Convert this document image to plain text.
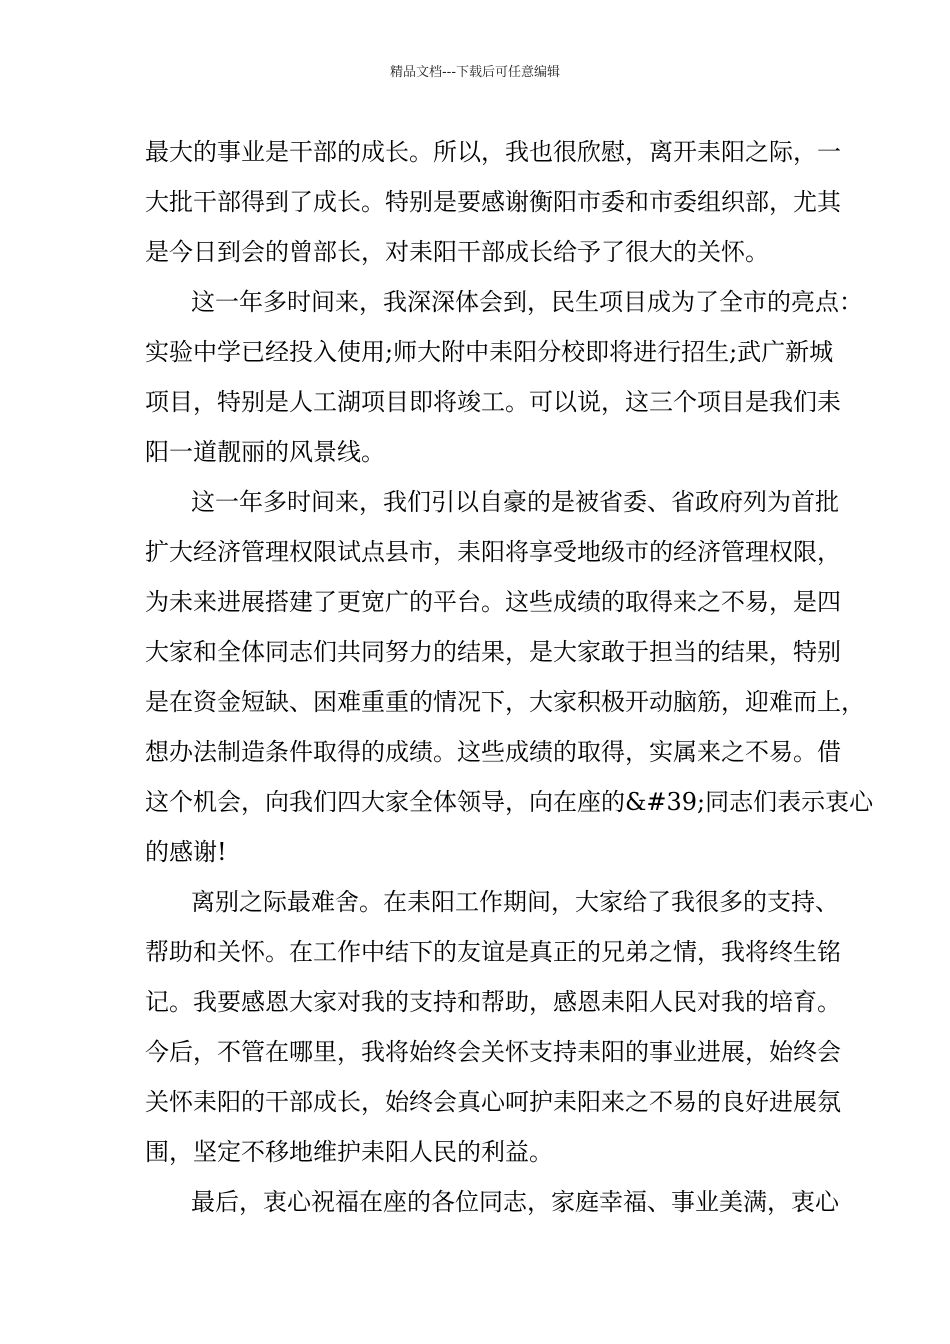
精品文档---下载后可任意编辑
最大的事业是干部的成长。所以，我也很欣慰，离开耒阳之际，一
大批干部得到了成长。特别是要感谢衡阳市委和市委组织部，尤其
是今日到会的曾部长，对耒阳干部成长给予了很大的关怀。
这一年多时间来，我深深体会到，民生项目成为了全市的亮点：
实验中学已经投入使用;师大附中耒阳分校即将进行招生;武广新城
项目，特别是人工湖项目即将竣工。可以说，这三个项目是我们耒
阳一道靓丽的风景线。
这一年多时间来，我们引以自豪的是被省委、省政府列为首批
扩大经济管理权限试点县市，耒阳将享受地级市的经济管理权限，
为未来进展搭建了更宽广的平台。这些成绩的取得来之不易，是四
大家和全体同志们共同努力的结果，是大家敢于担当的结果，特别
是在资金短缺、困难重重的情况下，大家积极开动脑筋，迎难而上，
想办法制造条件取得的成绩。这些成绩的取得，实属来之不易。借
这个机会，向我们四大家全体领导，向在座的&#39;同志们表示衷心
的感谢!
离别之际最难舍。在耒阳工作期间，大家给了我很多的支持、
帮助和关怀。在工作中结下的友谊是真正的兄弟之情，我将终生铭
记。我要感恩大家对我的支持和帮助，感恩耒阳人民对我的培育。
今后，不管在哪里，我将始终会关怀支持耒阳的事业进展，始终会
关怀耒阳的干部成长，始终会真心呵护耒阳来之不易的良好进展氛
围，坚定不移地维护耒阳人民的利益。
最后，衷心祝福在座的各位同志，家庭幸福、事业美满，衷心
